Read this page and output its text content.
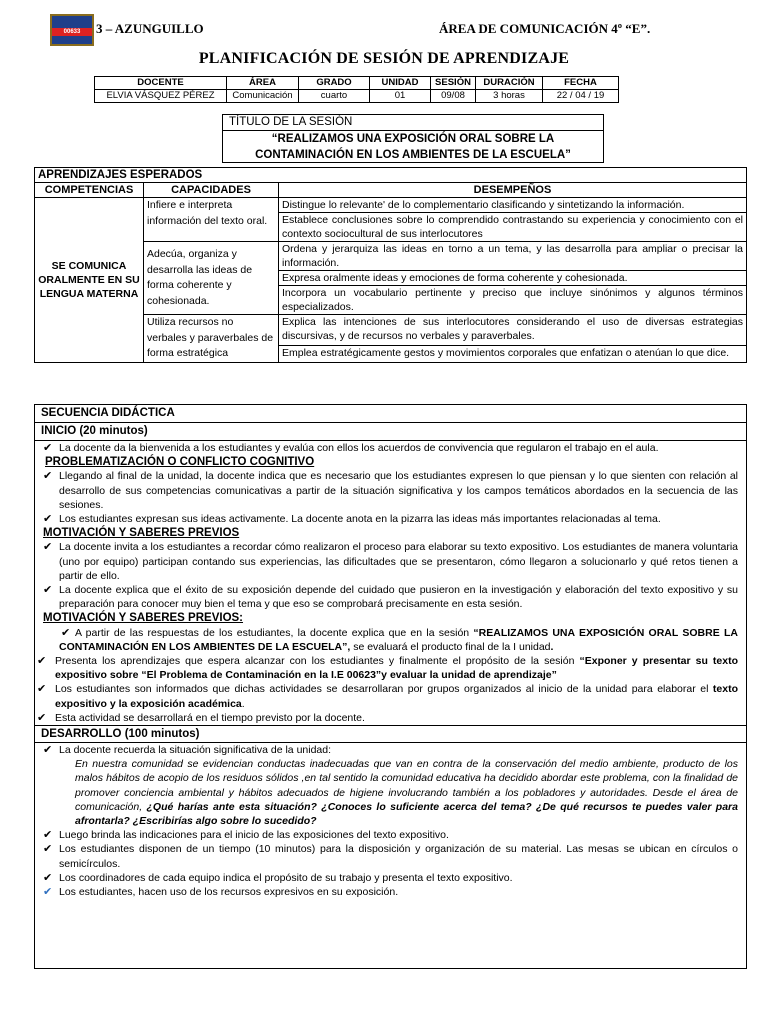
00633	3 – AZUNGUILLO	ÁREA DE COMUNICACIÓN 4º “E”.
PLANIFICACIÓN DE SESIÓN DE APRENDIZAJE
DOCENTE	ÁREA	GRADO	UNIDAD	SESIÓN	DURACIÓN	FECHA
ELVIA VÁSQUEZ PÉREZ	Comunicación	cuarto	01	09/08	3 horas	22 / 04 / 19
TÍTULO DE LA SESIÓN
“REALIZAMOS UNA EXPOSICIÓN ORAL SOBRE LA
CONTAMINACIÓN EN LOS AMBIENTES DE LA ESCUELA”
APRENDIZAJES ESPERADOS		
COMPETENCIAS	CAPACIDADES	DESEMPEÑOS
SE COMUNICA ORALMENTE EN SU LENGUA MATERNA	Infiere e interpreta información del texto oral.	Distingue lo relevante' de lo complementario clasificando y sintetizando la información.
		Establece conclusiones sobre lo comprendido contrastando su experiencia y conocimiento con el contexto sociocultural de sus interlocutores
	Adecúa, organiza y desarrolla las ideas de forma coherente y cohesionada.	Ordena y jerarquiza las ideas en torno a un tema, y las desarrolla para ampliar o precisar la información.
		Expresa oralmente ideas y emociones de forma coherente y cohesionada.
		Incorpora un vocabulario pertinente y preciso que incluye sinónimos y algunos términos especializados.
	Utiliza recursos no verbales y paraverbales de forma estratégica	Explica las intenciones de sus interlocutores considerando el uso de diversas estrategias discursivas, y de recursos no verbales y paraverbales.
		Emplea estratégicamente gestos y movimientos corporales que enfatizan o atenúan lo que dice.
SECUENCIA DIDÁCTICA
INICIO (20 minutos)
✔ La docente da la bienvenida a los estudiantes y evalúa con ellos los acuerdos de convivencia que regularon el trabajo en el aula.
PROBLEMATIZACIÓN O CONFLICTO COGNITIVO
✔ Llegando al final de la unidad, la docente indica que es necesario que los estudiantes expresen lo que piensan y lo que sienten con relación al desarrollo de sus competencias comunicativas a partir de la situación significativa y los campos temáticos abordados en la secuencia de las sesiones.
✔ Los estudiantes expresan sus ideas activamente. La docente anota en la pizarra las ideas más importantes relacionadas al tema.
MOTIVACIÓN Y SABERES PREVIOS
✔ La docente invita a los estudiantes a recordar cómo realizaron el proceso para elaborar su texto expositivo. Los estudiantes de manera voluntaria (uno por equipo) participan contando sus experiencias, las dificultades que se presentaron, cómo llegaron a solucionarlo y qué retos tienen a partir de ello.
✔ La docente explica que el éxito de su exposición depende del cuidado que pusieron en la investigación y elaboración del texto expositivo y su preparación para conocer muy bien el tema y que eso se comprobará precisamente en esta sesión.
MOTIVACIÓN Y SABERES PREVIOS:
✔ A partir de las respuestas de los estudiantes, la docente explica que en la sesión “REALIZAMOS UNA EXPOSICIÓN ORAL SOBRE LA CONTAMINACIÓN EN LOS AMBIENTES DE LA ESCUELA”, se evaluará el producto final de la I unidad.
✔ Presenta los aprendizajes que espera alcanzar con los estudiantes y finalmente el propósito de la sesión “Exponer y presentar su texto expositivo sobre “El Problema de Contaminación en la I.E 00623”y evaluar la unidad de aprendizaje”
✔ Los estudiantes son informados que dichas actividades se desarrollaran por grupos organizados al inicio de la unidad para elaborar el texto expositivo y la exposición académica.
✔ Esta actividad se desarrollará en el tiempo previsto por la docente.
DESARROLLO (100 minutos)
✔ La docente recuerda la situación significativa de la unidad:
En nuestra comunidad se evidencian conductas inadecuadas que van en contra de la conservación del medio ambiente, producto de los malos hábitos de acopio de los residuos sólidos ,en tal sentido la comunidad educativa ha decidido abordar este problema, con la finalidad de promover conciencia ambiental y hábitos adecuados de higiene involucrando también a los pobladores y autoridades. Desde el área de comunicación, ¿Qué harías ante esta situación? ¿Conoces lo suficiente acerca del tema? ¿De qué recursos te puedes valer para afrontarla? ¿Escribirías algo sobre lo sucedido?
✔ Luego brinda las indicaciones para el inicio de las exposiciones del texto expositivo.
✔ Los estudiantes disponen de un tiempo (10 minutos) para la disposición y organización de su material. Las mesas se ubican en círculos o semicírculos.
✔ Los coordinadores de cada equipo indica el propósito de su trabajo y presenta el texto expositivo.
✔ Los estudiantes, hacen uso de los recursos expresivos en su exposición.
